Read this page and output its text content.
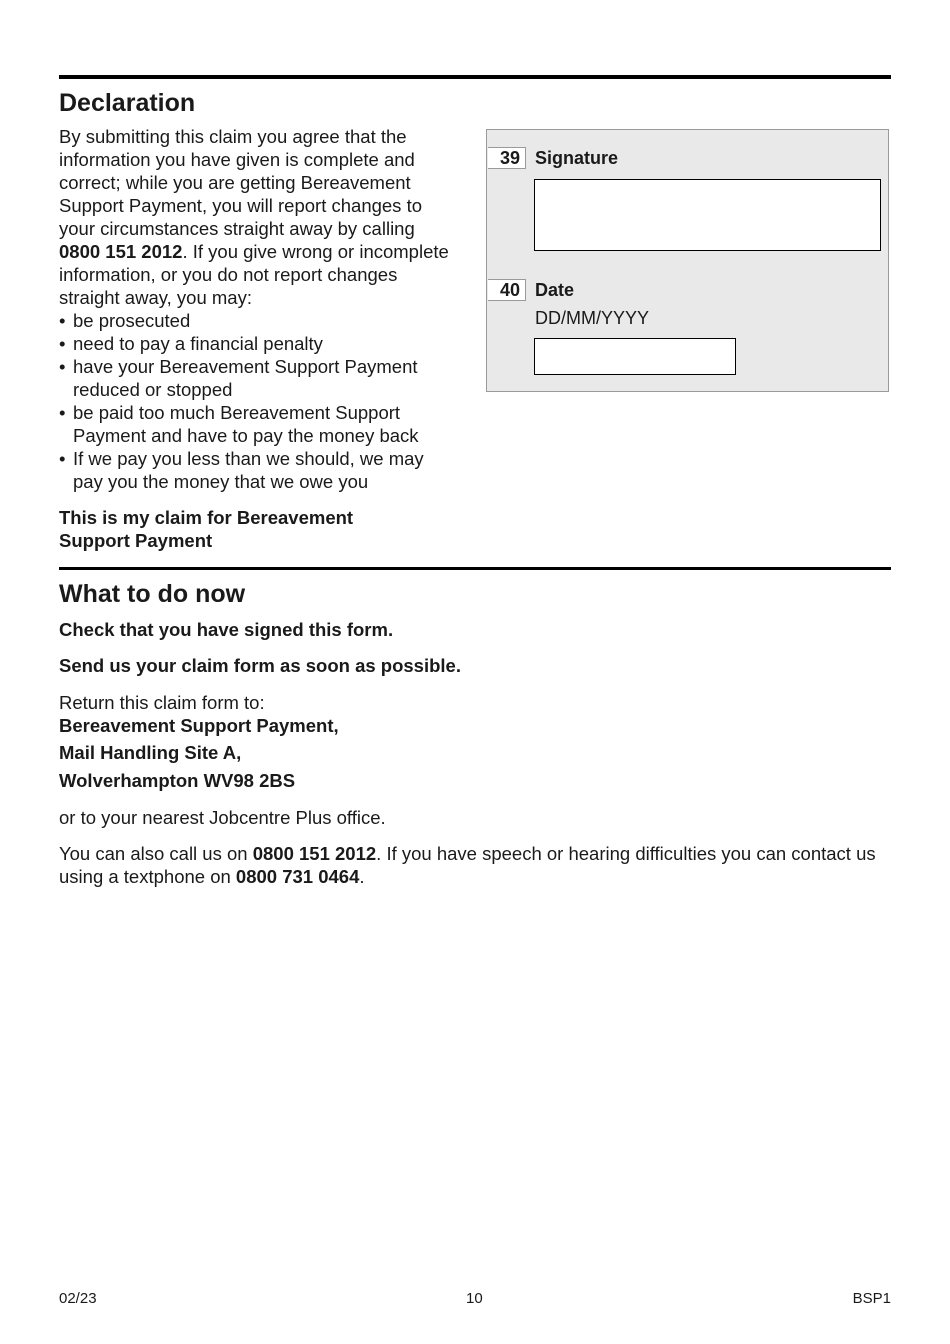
Declaration
By submitting this claim you agree that the information you have given is complete and correct; while you are getting Bereavement Support Payment, you will report changes to your circumstances straight away by calling 0800 151 2012. If you give wrong or incomplete information, or you do not report changes straight away, you may:
• be prosecuted
• need to pay a financial penalty
• have your Bereavement Support Payment reduced or stopped
• be paid too much Bereavement Support Payment and have to pay the money back
• If we pay you less than we should, we may pay you the money that we owe you
This is my claim for Bereavement Support Payment
39 Signature
40 Date
DD/MM/YYYY
What to do now
Check that you have signed this form.
Send us your claim form as soon as possible.
Return this claim form to:
Bereavement Support Payment,
Mail Handling Site A,
Wolverhampton WV98 2BS
or to your nearest Jobcentre Plus office.
You can also call us on 0800 151 2012. If you have speech or hearing difficulties you can contact us using a textphone on 0800 731 0464.
02/23	10	BSP1
